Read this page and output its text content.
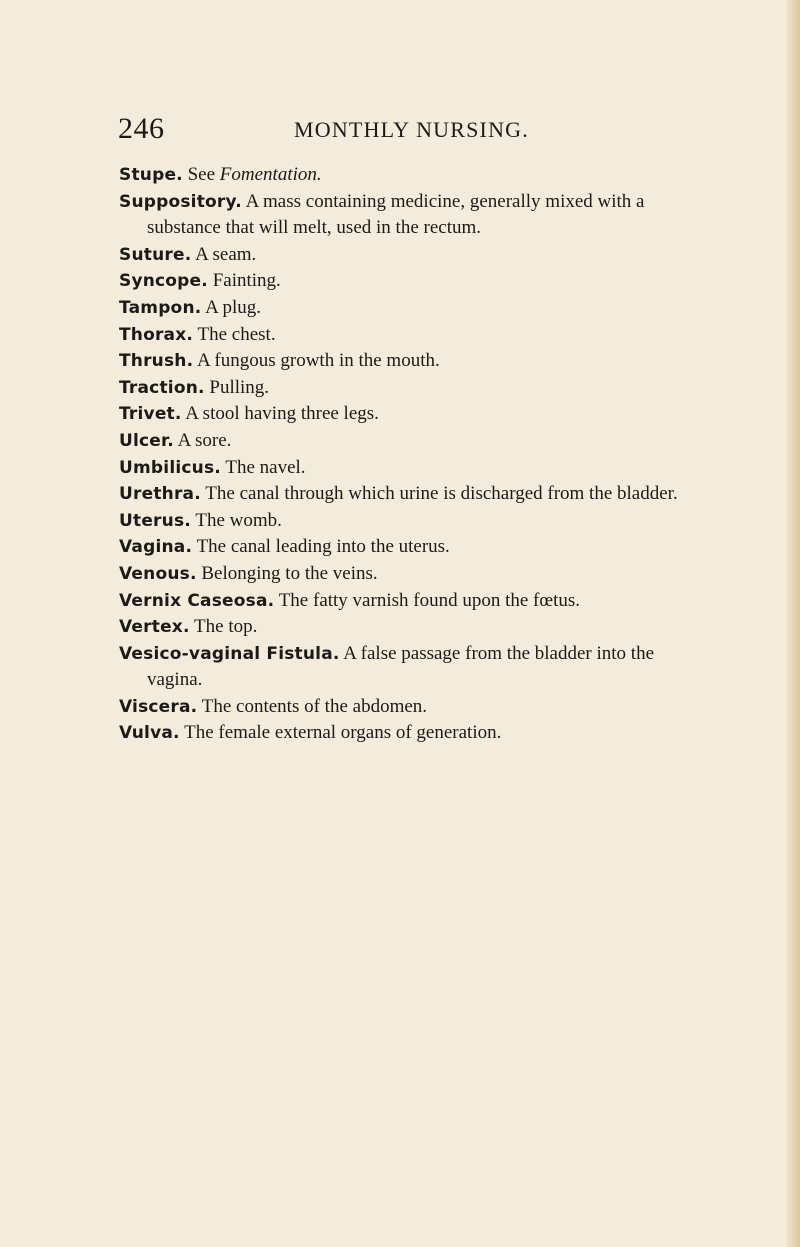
246	MONTHLY NURSING.
Stupe. See Fomentation.
Suppository. A mass containing medicine, generally mixed with a substance that will melt, used in the rectum.
Suture. A seam.
Syncope. Fainting.
Tampon. A plug.
Thorax. The chest.
Thrush. A fungous growth in the mouth.
Traction. Pulling.
Trivet. A stool having three legs.
Ulcer. A sore.
Umbilicus. The navel.
Urethra. The canal through which urine is discharged from the bladder.
Uterus. The womb.
Vagina. The canal leading into the uterus.
Venous. Belonging to the veins.
Vernix Caseosa. The fatty varnish found upon the fœtus.
Vertex. The top.
Vesico-vaginal Fistula. A false passage from the bladder into the vagina.
Viscera. The contents of the abdomen.
Vulva. The female external organs of generation.
